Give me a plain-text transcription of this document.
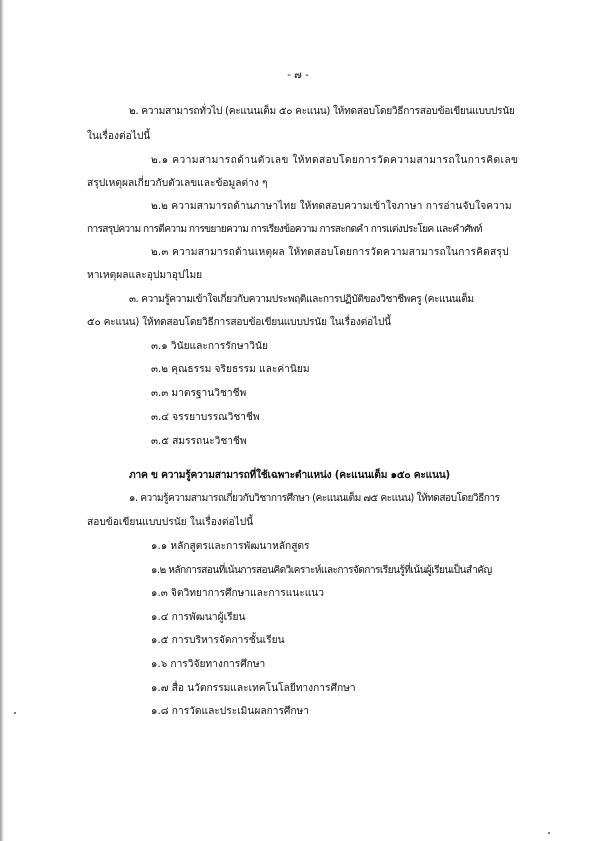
- ๗ -
๒. ความสามารถทั่วไป (คะแนนเต็ม ๕๐ คะแนน) ให้ทดสอบโดยวิธีการสอบข้อเขียนแบบปรนัย
ในเรื่องต่อไปนี้
๒.๑ ความสามารถด้านตัวเลข ให้ทดสอบโดยการวัดความสามารถในการคิดเลข
สรุปเหตุผลเกี่ยวกับตัวเลขและข้อมูลต่าง ๆ
๒.๒ ความสามารถด้านภาษาไทย ให้ทดสอบความเข้าใจภาษา การอ่านจับใจความ
การสรุปความ การตีความ การขยายความ การเรียงข้อความ การสะกดคำ การแต่งประโยค และคำศัพท์
๒.๓ ความสามารถด้านเหตุผล ให้ทดสอบโดยการวัดความสามารถในการคิดสรุป
หาเหตุผลและอุปมาอุปไมย
๓. ความรู้ความเข้าใจเกี่ยวกับความประพฤติและการปฏิบัติของวิชาชีพครู (คะแนนเต็ม
๕๐ คะแนน) ให้ทดสอบโดยวิธีการสอบข้อเขียนแบบปรนัย ในเรื่องต่อไปนี้
๓.๑ วินัยและการรักษาวินัย
๓.๒ คุณธรรม จริยธรรม และค่านิยม
๓.๓ มาตรฐานวิชาชีพ
๓.๔ จรรยาบรรณวิชาชีพ
๓.๕ สมรรถนะวิชาชีพ
ภาค ข ความรู้ความสามารถที่ใช้เฉพาะตำแหน่ง (คะแนนเต็ม ๑๕๐ คะแนน)
๑. ความรู้ความสามารถเกี่ยวกับวิชาการศึกษา (คะแนนเต็ม ๗๕ คะแนน) ให้ทดสอบโดยวิธีการ
สอบข้อเขียนแบบปรนัย ในเรื่องต่อไปนี้
๑.๑ หลักสูตรและการพัฒนาหลักสูตร
๑.๒ หลักการสอนที่เน้นการสอนคิดวิเคราะห์และการจัดการเรียนรู้ที่เน้นผู้เรียนเป็นสำคัญ
๑.๓ จิตวิทยาการศึกษาและการแนะแนว
๑.๔ การพัฒนาผู้เรียน
๑.๕ การบริหารจัดการชั้นเรียน
๑.๖ การวิจัยทางการศึกษา
๑.๗ สื่อ นวัตกรรมและเทคโนโลยีทางการศึกษา
๑.๘ การวัดและประเมินผลการศึกษา
